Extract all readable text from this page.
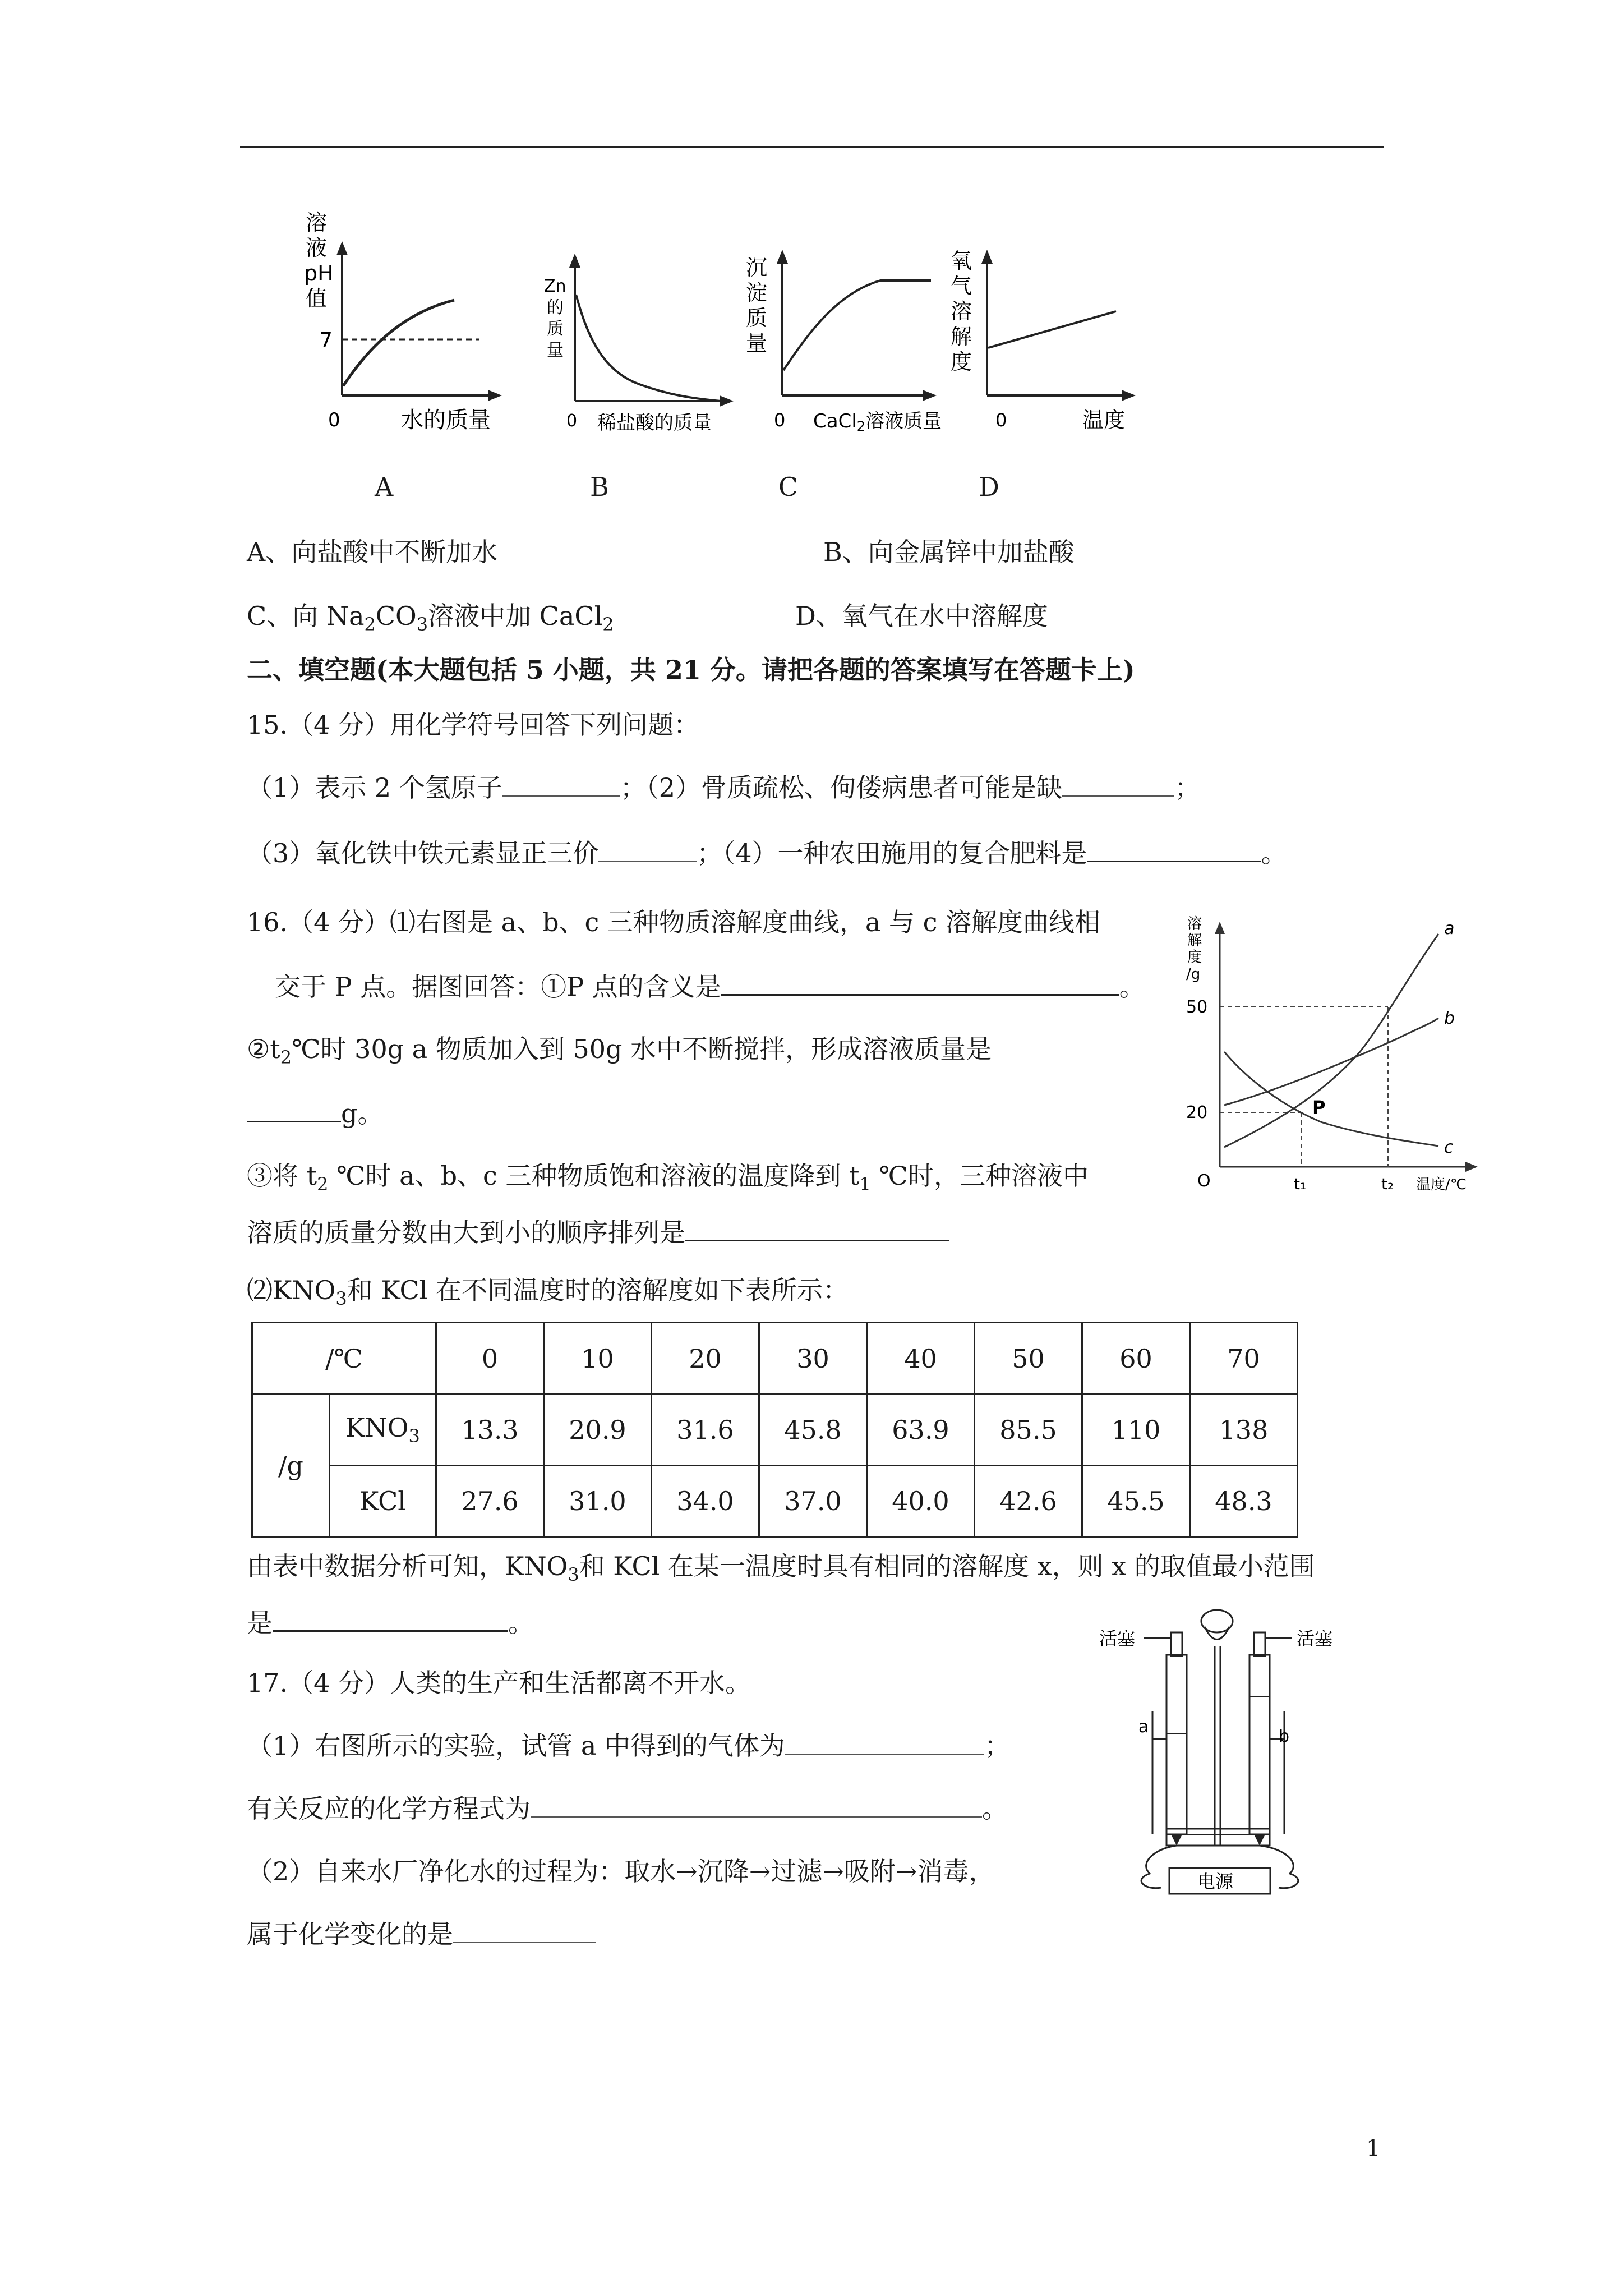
溶
液
pH
值
7
0	水的质量
Zn
的
质
量
0 稀盐酸的质量
沉
淀
质
量
0 CaCl2溶液质量
氧
气
溶
解
度
0	温度
A	B	C	D
A、向盐酸中不断加水	B、向金属锌中加盐酸
C、向 $Na_2CO_3$溶液中加 CaCl$_2$	D、氧气在水中溶解度
二、填空题(本大题包括 5 小题，共 21 分。请把各题的答案填写在答题卡上)
15.（4 分）用化学符号回答下列问题：
（1）表示 2 个氢原子	；（2）骨质疏松、佝偻病患者可能是缺	；
（3）氧化铁中铁元素显正三价	；（4）一种农田施用的复合肥料是	。
16.（4 分）⑴右图是 a、b、c 三种物质溶解度曲线，a 与 c 溶解度曲线相
交于 P 点。据图回答：①P 点的含义是	。
$②t_2℃$时 30g a 物质加入到 50g 水中不断搅拌，形成溶液质量是
g。
③将 $t_2$ ℃时 a、b、c 三种物质饱和溶液的温度降到 $t_1$ ℃时，三种溶液中
溶质的质量分数由大到小的顺序排列是
$⑵KNO_3$和 KCl 在不同温度时的溶解度如下表所示：
a
b
c
P
溶
解
度
/g
50
20
O	t₁	t₂ 温度/℃
/℃		0	10	20	30	40	50	60	70
/g	$KNO_3$	13.3	20.9	31.6	45.8	63.9	85.5	110	138
	KCl	27.6	31.0	34.0	37.0	40.0	42.6	45.5	48.3
由表中数据分析可知，$KNO_3$和 KCl 在某一温度时具有相同的溶解度 x，则 x 的取值最小范围
是	。
17.（4 分）人类的生产和生活都离不开水。
（1）右图所示的实验，试管 a 中得到的气体为	；
有关反应的化学方程式为	。
（2）自来水厂净化水的过程为：取水→沉降→过滤→吸附→消毒，
属于化学变化的是
电源
活塞	活塞
a	b
1
